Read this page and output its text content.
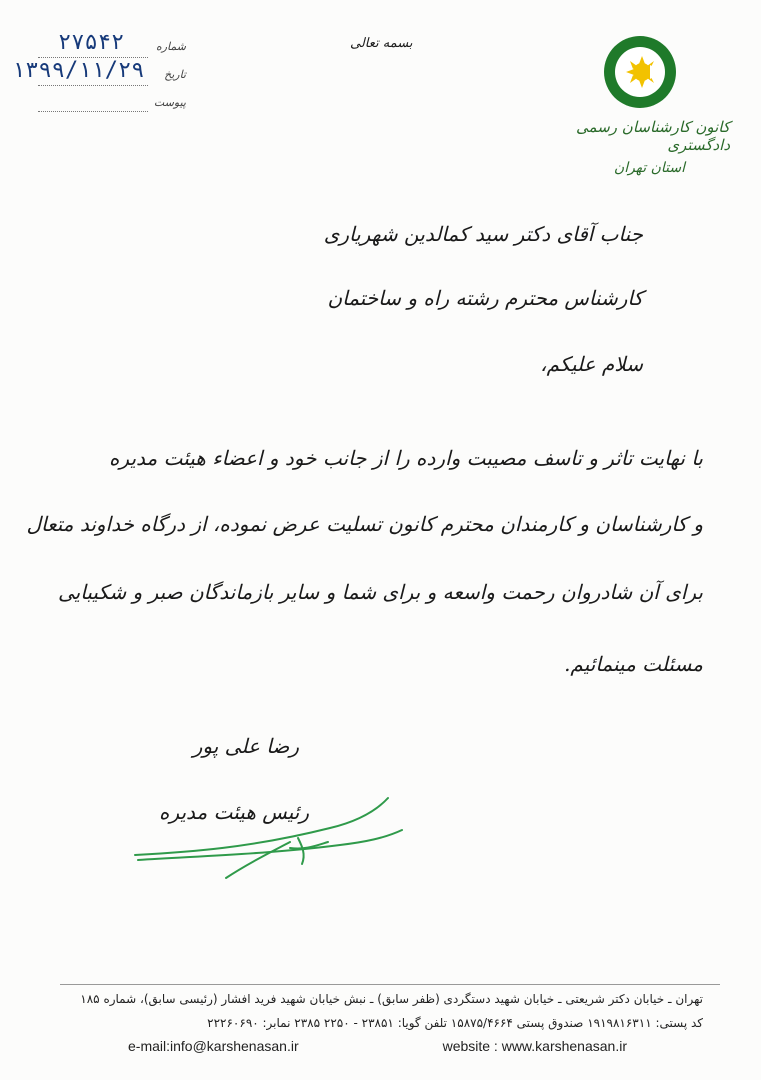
بسمه تعالی
۲۷۵۴۲	شماره
۱۳۹۹/۱۱/۲۹	تاریخ
پیوست
کانون کارشناسان رسمی دادگستری
استان تهران
جناب آقای دکتر سید کمالدین شهریاری
کارشناس محترم رشته راه و ساختمان
سلام علیکم،
با نهایت تاثر و تاسف مصیبت وارده را از جانب خود و اعضاء هیئت مدیره
و کارشناسان و کارمندان محترم کانون تسلیت عرض نموده، از درگاه خداوند متعال
برای آن شادروان رحمت واسعه و برای شما و سایر بازماندگان صبر و شکیبایی
مسئلت مینمائیم.
رضا علی پور
رئیس هیئت مدیره
تهران ـ خیابان دکتر شریعتی ـ خیابان شهید دستگردی (ظفر سابق) ـ نبش خیابان شهید فرید افشار (رئیسی سابق)، شماره ۱۸۵
کد پستی: ۱۹۱۹۸۱۶۳۱۱ صندوق پستی ۱۵۸۷۵/۴۶۶۴ تلفن گویا: ۲۳۸۵۱ - ۲۲۵۰ ۲۳۸۵ نمابر: ۲۲۲۶۰۶۹۰
e-mail:info@karshenasan.ir	website : www.karshenasan.ir
